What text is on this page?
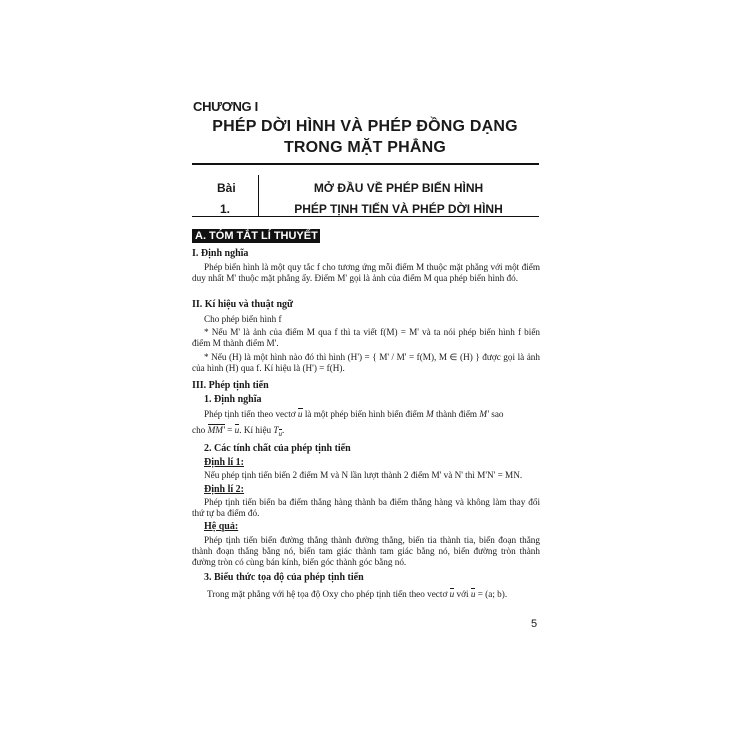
CHƯƠNG I
PHÉP DỜI HÌNH VÀ PHÉP ĐỒNG DẠNG
TRONG MẶT PHẲNG
Bài
1.
MỞ ĐẦU VỀ PHÉP BIẾN HÌNH
PHÉP TỊNH TIẾN VÀ PHÉP DỜI HÌNH
A. TÓM TẮT LÍ THUYẾT
I. Định nghĩa
Phép biến hình là một quy tắc f cho tương ứng mỗi điểm M thuộc mặt phẳng với một điểm duy nhất M' thuộc mặt phẳng ấy. Điểm M' gọi là ảnh của điểm M qua phép biến hình đó.
II. Kí hiệu và thuật ngữ
Cho phép biến hình f
* Nếu M' là ảnh của điểm M qua f thì ta viết f(M) = M' và ta nói phép biến hình f biến điểm M thành điểm M'.
* Nếu (H) là một hình nào đó thì hình (H') = { M' / M' = f(M), M ∈ (H) } được gọi là ảnh của hình (H) qua f. Kí hiệu là (H') = f(H).
III. Phép tịnh tiến
1. Định nghĩa
Phép tịnh tiến theo vectơ u là một phép biến hình biến điểm M thành điểm M' sao
cho MM' = u. Kí hiệu $T_u$.
2. Các tính chất của phép tịnh tiến
Định lí 1:
Nếu phép tịnh tiến biến 2 điểm M và N lần lượt thành 2 điểm M' và N' thì M'N' = MN.
Định lí 2:
Phép tịnh tiến biến ba điểm thẳng hàng thành ba điểm thẳng hàng và không làm thay đổi thứ tự ba điểm đó.
Hệ quả:
Phép tịnh tiến biến đường thẳng thành đường thẳng, biến tia thành tia, biến đoạn thẳng thành đoạn thẳng bằng nó, biến tam giác thành tam giác bằng nó, biến đường tròn thành đường tròn có cùng bán kính, biến góc thành góc bằng nó.
3. Biểu thức tọa độ của phép tịnh tiến
Trong mặt phẳng với hệ tọa độ Oxy cho phép tịnh tiến theo vectơ u với u = (a; b).
5
